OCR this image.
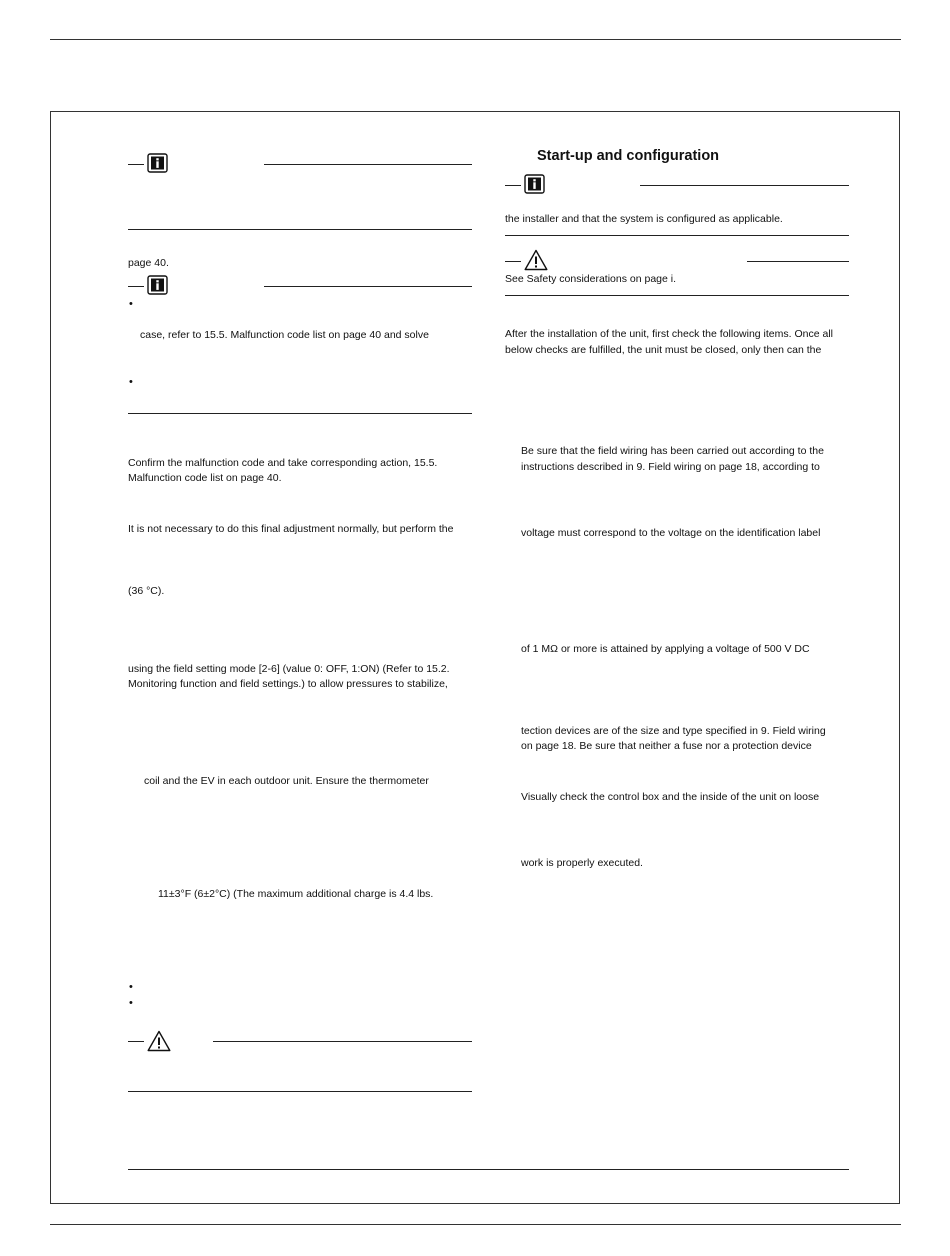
page 40.
•
case, refer to 15.5. Malfunction code list on page 40 and solve
•
Confirm the malfunction code and take corresponding action, 15.5.
Malfunction code list on page 40.
It is not necessary to do this final adjustment normally, but perform the
(36 °C).
using the field setting mode [2-6] (value 0: OFF, 1:ON) (Refer to 15.2.
Monitoring function and field settings.) to allow pressures to stabilize,
coil and the EV in each outdoor unit. Ensure the thermometer
11±3°F (6±2°C) (The maximum additional charge is 4.4 lbs.
•
•
Start-up and configuration
the installer and that the system is configured as applicable.
See Safety considerations on page i.
After the installation of the unit, first check the following items. Once all
below checks are fulfilled, the unit must be closed, only then can the
Be sure that the field wiring has been carried out according to the
instructions described in 9. Field wiring on page 18, according to
voltage must correspond to the voltage on the identification label
of 1 MΩ or more is attained by applying a voltage of 500 V DC
tection devices are of the size and type specified in 9. Field wiring
on page 18. Be sure that neither a fuse nor a protection device
Visually check the control box and the inside of the unit on loose
work is properly executed.
